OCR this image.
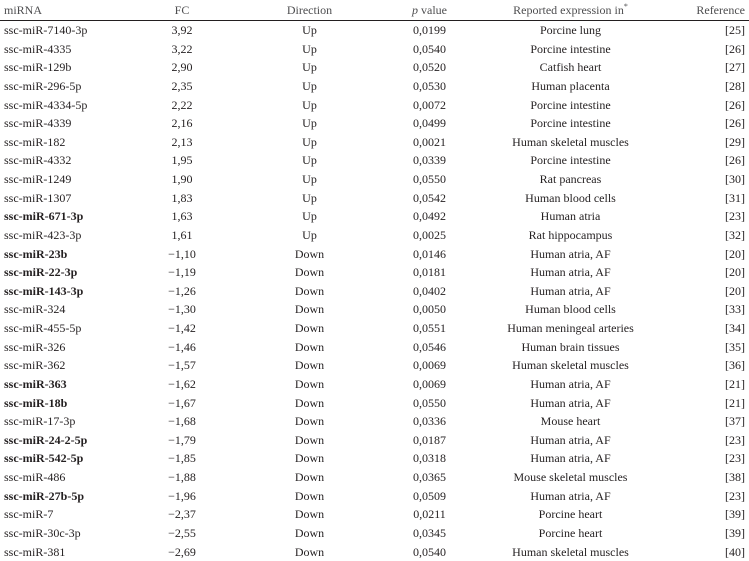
miRNA	FC	Direction	p value	Reported expression in*	Reference
ssc-miR-7140-3p	3,92	Up	0,0199	Porcine lung	[25]
ssc-miR-4335	3,22	Up	0,0540	Porcine intestine	[26]
ssc-miR-129b	2,90	Up	0,0520	Catfish heart	[27]
ssc-miR-296-5p	2,35	Up	0,0530	Human placenta	[28]
ssc-miR-4334-5p	2,22	Up	0,0072	Porcine intestine	[26]
ssc-miR-4339	2,16	Up	0,0499	Porcine intestine	[26]
ssc-miR-182	2,13	Up	0,0021	Human skeletal muscles	[29]
ssc-miR-4332	1,95	Up	0,0339	Porcine intestine	[26]
ssc-miR-1249	1,90	Up	0,0550	Rat pancreas	[30]
ssc-miR-1307	1,83	Up	0,0542	Human blood cells	[31]
ssc-miR-671-3p	1,63	Up	0,0492	Human atria	[23]
ssc-miR-423-3p	1,61	Up	0,0025	Rat hippocampus	[32]
ssc-miR-23b	−1,10	Down	0,0146	Human atria, AF	[20]
ssc-miR-22-3p	−1,19	Down	0,0181	Human atria, AF	[20]
ssc-miR-143-3p	−1,26	Down	0,0402	Human atria, AF	[20]
ssc-miR-324	−1,30	Down	0,0050	Human blood cells	[33]
ssc-miR-455-5p	−1,42	Down	0,0551	Human meningeal arteries	[34]
ssc-miR-326	−1,46	Down	0,0546	Human brain tissues	[35]
ssc-miR-362	−1,57	Down	0,0069	Human skeletal muscles	[36]
ssc-miR-363	−1,62	Down	0,0069	Human atria, AF	[21]
ssc-miR-18b	−1,67	Down	0,0550	Human atria, AF	[21]
ssc-miR-17-3p	−1,68	Down	0,0336	Mouse heart	[37]
ssc-miR-24-2-5p	−1,79	Down	0,0187	Human atria, AF	[23]
ssc-miR-542-5p	−1,85	Down	0,0318	Human atria, AF	[23]
ssc-miR-486	−1,88	Down	0,0365	Mouse skeletal muscles	[38]
ssc-miR-27b-5p	−1,96	Down	0,0509	Human atria, AF	[23]
ssc-miR-7	−2,37	Down	0,0211	Porcine heart	[39]
ssc-miR-30c-3p	−2,55	Down	0,0345	Porcine heart	[39]
ssc-miR-381	−2,69	Down	0,0540	Human skeletal muscles	[40]
